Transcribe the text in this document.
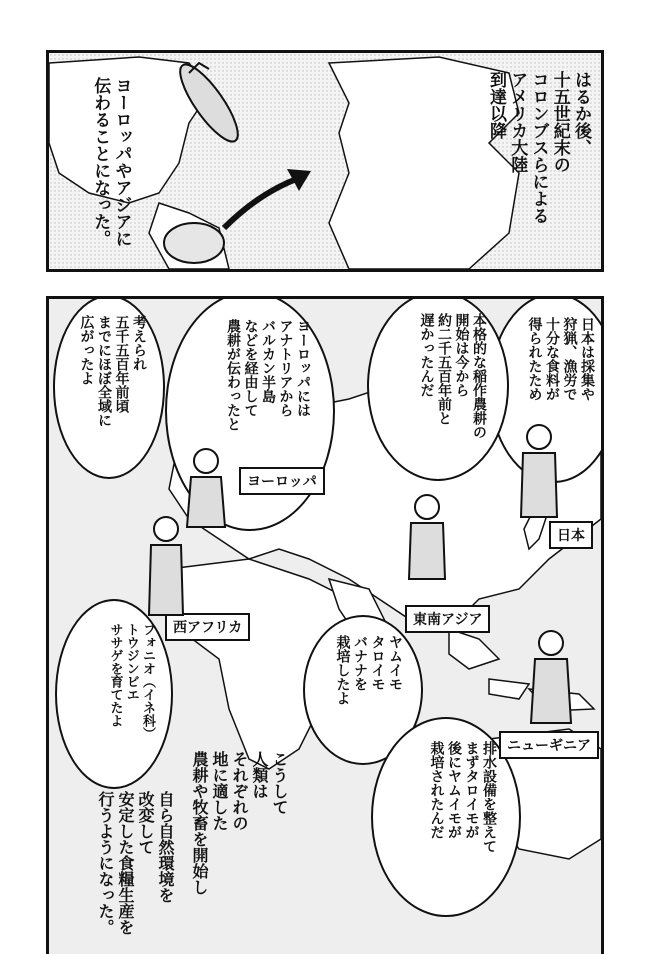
はるか後、
十五世紀末の
コロンブスらによる
アメリカ大陸
到達以降
ヨーロッパやアジアに
伝わることになった。
日本は採集や
狩猟、漁労で
十分な食料が
得られたため
本格的な稲作農耕の
開始は今から
約二千五百年前と
遅かったんだ
ヨーロッパには
アナトリアから
バルカン半島
などを経由して
農耕が伝わったと
考えられ
五千五百年前頃
までにほぼ全域に
広がったよ
ヤムイモ
タロイモ
バナナを
栽培したよ
フォニオ（イネ科）
トウジンビエ
ササゲを育てたよ
排水設備を整えて
まずタロイモが
後にヤムイモが
栽培されたんだ
ヨーロッパ
日本
東南アジア
西アフリカ
ニューギニア
こうして
人類は
それぞれの
地に適した
農耕や牧畜を開始し
自ら自然環境を
改変して
安定した食糧生産を
行うようになった。
